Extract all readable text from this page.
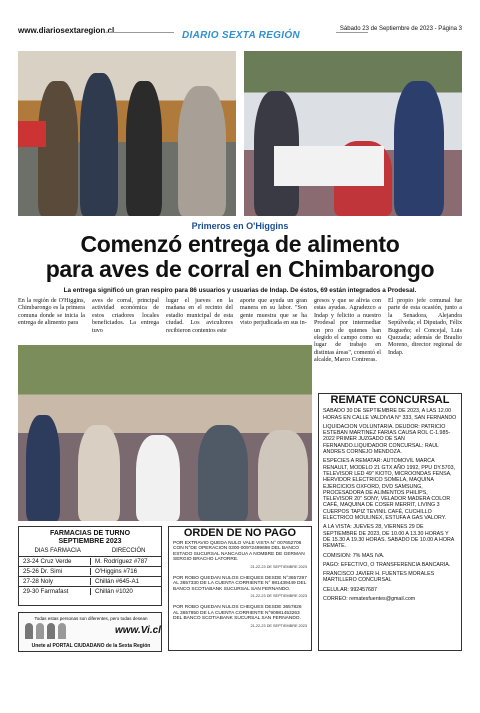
www.diariosextaregion.cl	DIARIO SEXTA REGIÓN
Sábado 23 de Septiembre de 2023 - Página 3
Primeros en O'Higgins
Comenzó entrega de alimento
para aves de corral en Chimbarongo
La entrega significó un gran respiro para 86 usuarios y usuarias de Indap. De éstos, 69 están integrados a Prodesal.
En la región de O'Higgins, Chimbarongo es la primera comuna donde se inicia la entrega de alimento para
aves de corral, principal actividad económica de estos criadores locales beneficiados. La entrega tuvo
lugar el jueves en la mañana en el recinto del estadio municipal de esta ciudad. Los avicultores recibieron contentos este
aporte que ayuda un gran manera en su labor. "Son gente muestra que se ha visto perjudicada en sus in-
gresos y que se alivia con estas ayudas. Agradezco a Indap y felicito a nuestro Prodesal por intermediar un pro de quienes han elegido el campo como su lugar de trabajo en distintas áreas", comentó el alcalde, Marco Contreras.
El propio jefe comunal fue parte de esta ocasión, junto a la Senadora, Alejandra Sepúlveda; el Diputado, Félix Bugueño; el Concejal, Luis Quezada; además de Braulio Moreno, director regional de Indap.
REMATE CONCURSAL

SABADO 30 DE SEPTIEMBRE DE 2023, A LAS 12.00 HORAS EN CALLE VALDIVIA N° 333, SAN FERNANDO

LIQUIDACION VOLUNTARIA. DEUDOR: PATRICIO ESTEBAN MARTINEZ FARIAS CAUSA ROL C-1.985-2022 PRIMER JUZGADO DE SAN FERNANDO.LIQUIDADOR CONCURSAL: RAUL ANDRES CORNEJO MENDOZA.

ESPECIES A REMATAR: AUTOMOVIL MARCA RENAULT, MODELO 21 GTX AÑO 1992, PPU DY.5703, TELEVISOR LED 49" KIOTO, MICROONDAS FENSA, HERVIDOR ELECTRICO SOMELA, MAQUINA EJERCICIOS OXFORD, DVD SAMSUNG, PROCESADORA DE ALIMENTOS PHILIPS, TELEVISOR 20" SONY, VELADOR MADERA COLOR CAFÉ, MAQUINA DE COSER MERRIT, LIVING 3 CUERPOS TAPIZ TEVINIL CAFÉ, CUCHILLO ELECTRICO MOULINEX, ESTUFA A GAS VALORY.

A LA VISTA: JUEVES 28, VIERNES 29 DE SEPTIEMBRE DE 2023, DE 10.00 A 13.30 HORAS Y DE 15.30 A 19.30 HORAS. SABADO DE 10.00 A HORA REMATE.

COMISION: 7% MAS IVA.

PAGO: EFECTIVO, O TRANSFERENCIA BANCARIA.

FRANCISCO JAVIER H. FUENTES MORALES MARTILLERO CONCURSAL

CELULAR: 992457687

CORREO: rematesfuentes@gmail.com

FARMACIAS DE TURNO
SEPTIEMBRE 2023
DIAS FARMACIA	DIRECCIÓN
23-24 Cruz Verde	M. Rodríguez #787
25-26 Dr. Simi	O'Higgins #716
27-28 Noly	Chillán #645-A1
29-30 Farmafast	Chillán #1020
Todas estas personas son diferentes, pero todas desean
www.Vi.cl
Unete al PORTAL CIUDADANO de la Sexta Región
ORDEN DE NO PAGO

POR EXTRAVIO QUEDA NULO VALE VISTA N° 007652706 CON N°DE OPERACION 0300-009?2499698 DEL BANCO ESTADO SUCURSAL NANCAGUA A NOMBRE DE GERMAN SERGIO BRACHO LATORRE.

21-22-23 DE SEPTIEMBRE 2023

POR ROBO QUEDAN NULOS CHEQUES DESDE N°3657297 AL 3657330 DE LA CUENTA CORRIENTE N° 981439449 DEL BANCO SCOTIABANK SUCURSAL SAN FERNANDO.

21-22-23 DE SEPTIEMBRE 2023

POR ROBO QUEDAN NULOS CHEQUES DESDE 3657826 AL 3657850 DE LA CUENTA CORRIENTE N°90981453263 DEL BANCO SCOTIABANK SUCURSAL SAN FERNANDO.

21-22-23 DE SEPTIEMBRE 2023
